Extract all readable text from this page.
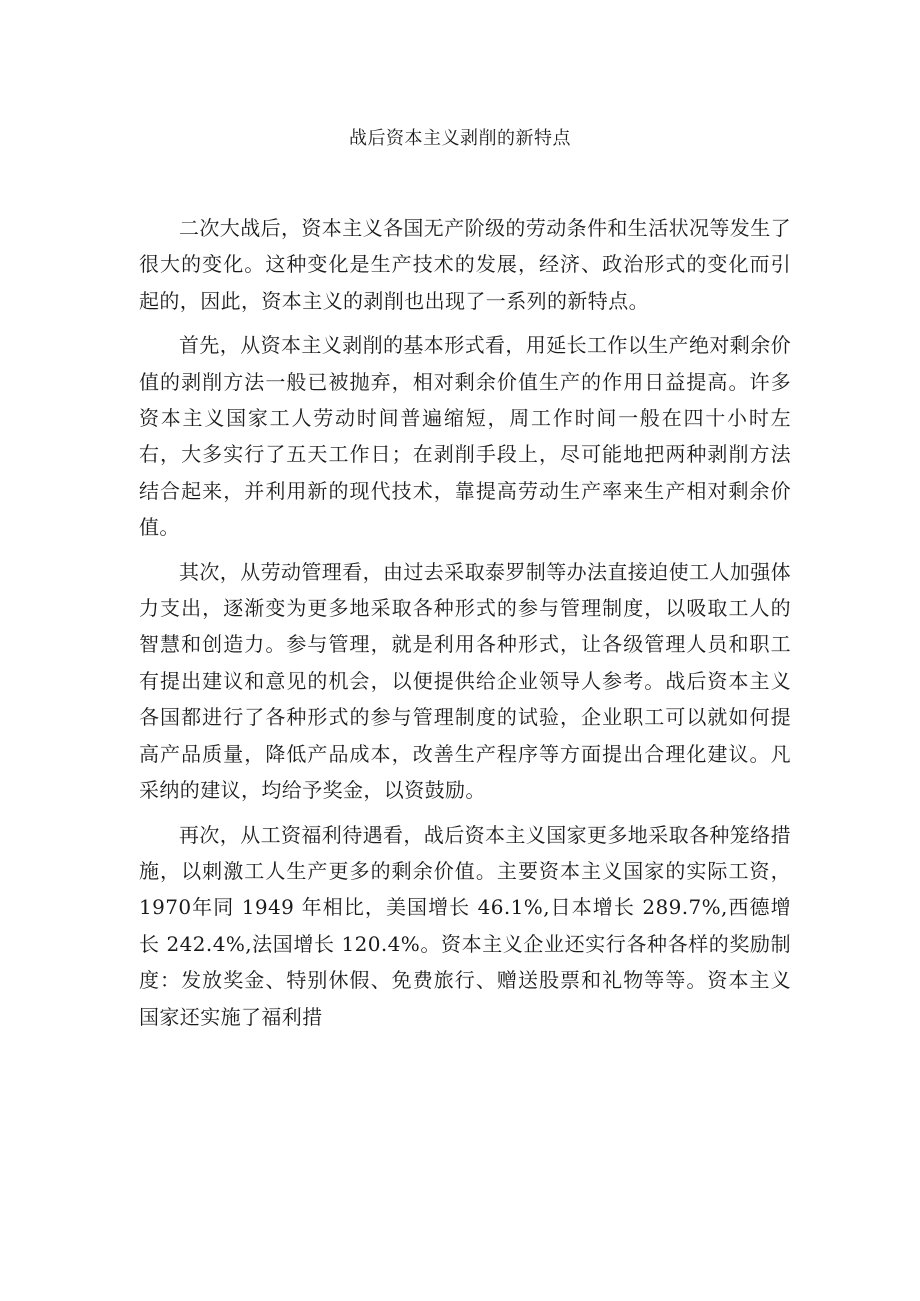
战后资本主义剥削的新特点

二次大战后，资本主义各国无产阶级的劳动条件和生活状况等发生了很大的变化。这种变化是生产技术的发展，经济、政治形式的变化而引起的，因此，资本主义的剥削也出现了一系列的新特点。

首先，从资本主义剥削的基本形式看，用延长工作以生产绝对剩余价值的剥削方法一般已被抛弃，相对剩余价值生产的作用日益提高。许多资本主义国家工人劳动时间普遍缩短，周工作时间一般在四十小时左右，大多实行了五天工作日；在剥削手段上，尽可能地把两种剥削方法结合起来，并利用新的现代技术，靠提高劳动生产率来生产相对剩余价值。

其次，从劳动管理看，由过去采取泰罗制等办法直接迫使工人加强体力支出，逐渐变为更多地采取各种形式的参与管理制度，以吸取工人的智慧和创造力。参与管理，就是利用各种形式，让各级管理人员和职工有提出建议和意见的机会，以便提供给企业领导人参考。战后资本主义各国都进行了各种形式的参与管理制度的试验，企业职工可以就如何提高产品质量，降低产品成本，改善生产程序等方面提出合理化建议。凡采纳的建议，均给予奖金，以资鼓励。

再次，从工资福利待遇看，战后资本主义国家更多地采取各种笼络措施，以刺激工人生产更多的剩余价值。主要资本主义国家的实际工资，1970年同 1949 年相比，美国增长 46.1%,日本增长 289.7%,西德增长 242.4%,法国增长 120.4%。资本主义企业还实行各种各样的奖励制度：发放奖金、特别休假、免费旅行、赠送股票和礼物等等。资本主义国家还实施了福利措
